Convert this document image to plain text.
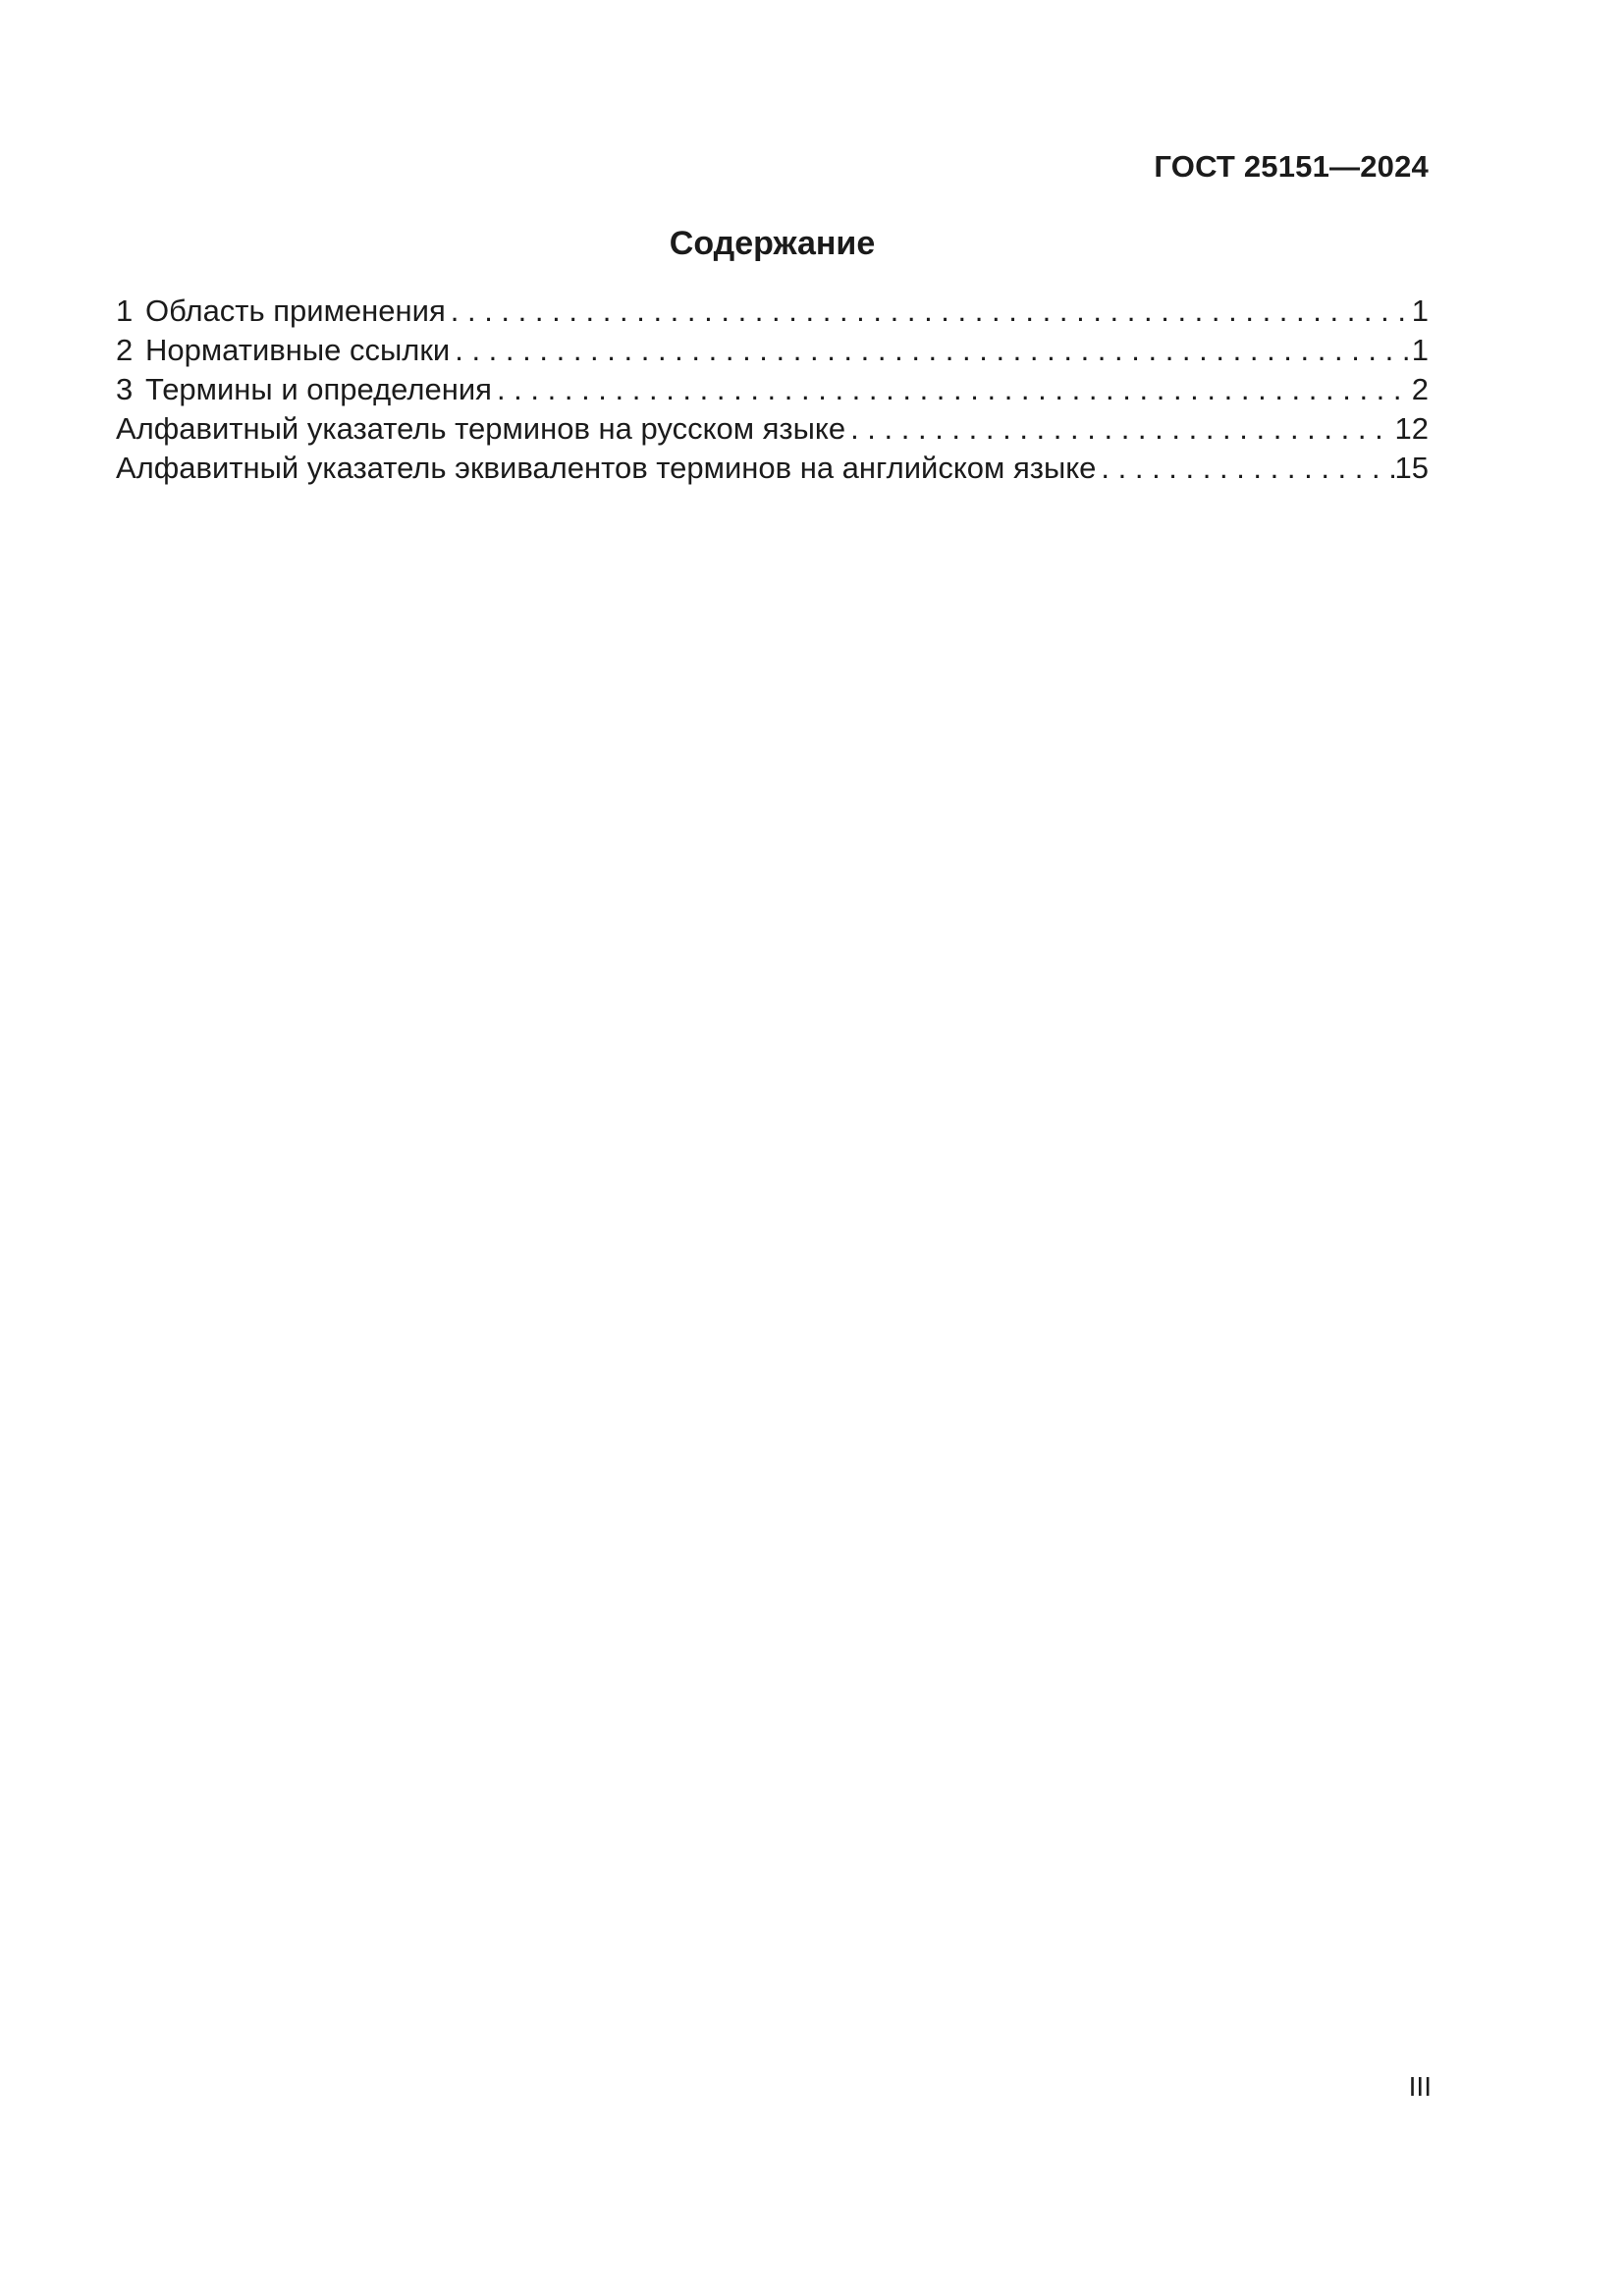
ГОСТ 25151—2024
Содержание
1 Область применения . . .	1
2 Нормативные ссылки . . .	1
3 Термины и определения . . .	2
Алфавитный указатель терминов на русском языке . . .	12
Алфавитный указатель эквивалентов терминов на английском языке . . .	15
III
